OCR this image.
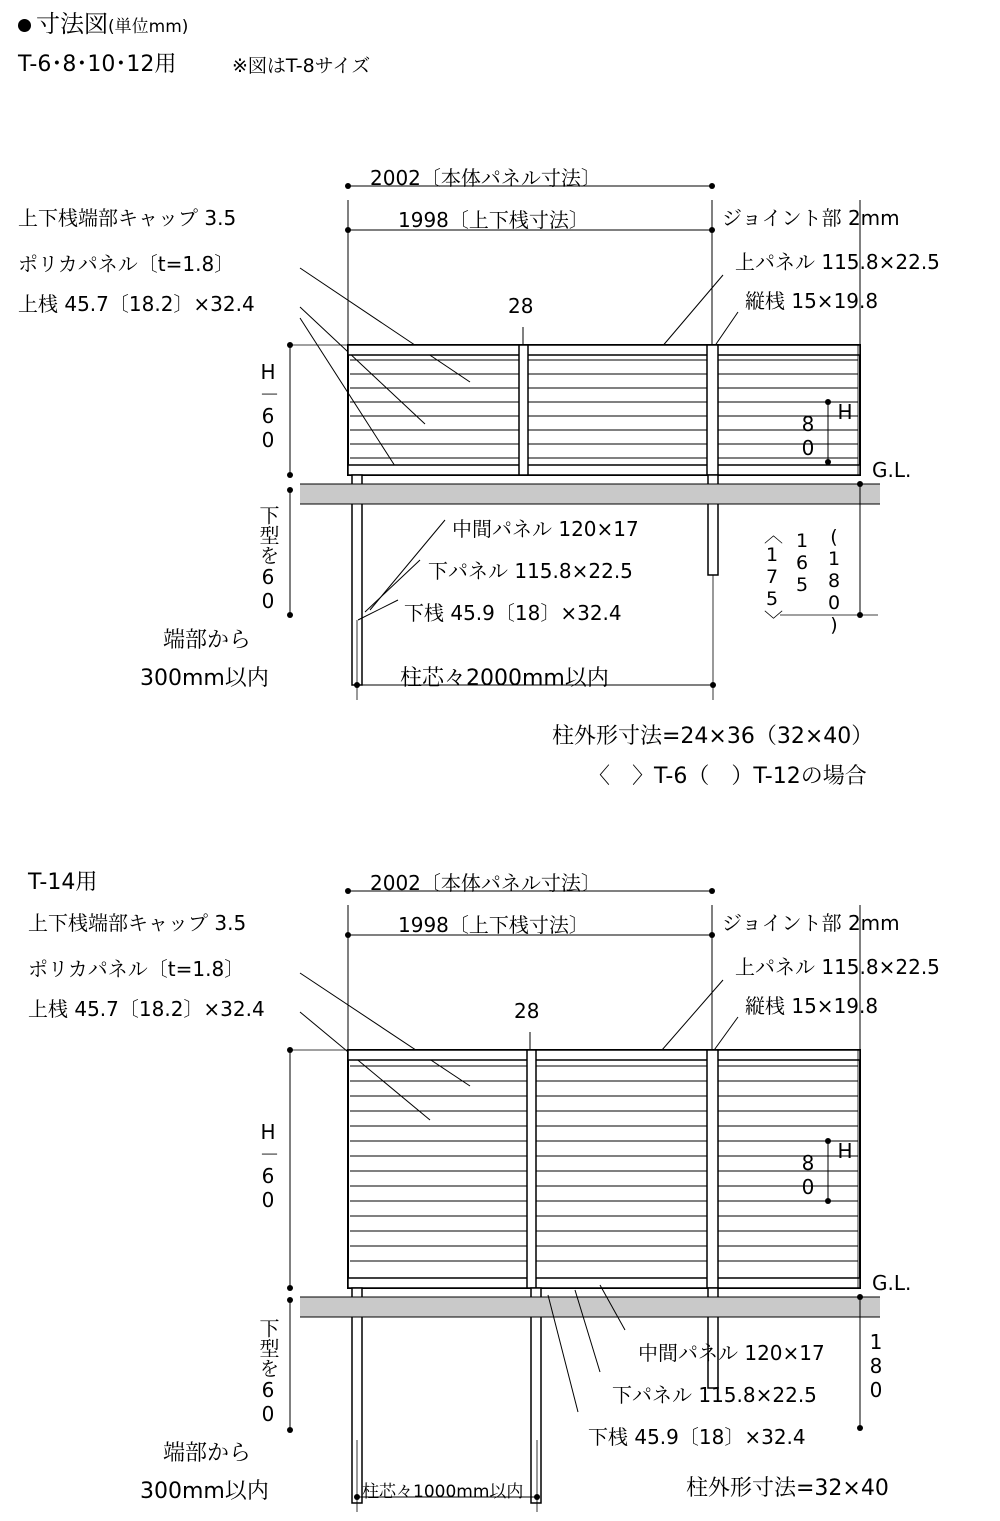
寸法図(単位mm)
T-6･8･10･12用	※図はT-8サイズ
2002〔本体パネル寸法〕
1998〔上下桟寸法〕
上下桟端部キャップ 3.5	ジョイント部 2mm
ポリカパネル〔t=1.8〕
上桟 45.7〔18.2〕×32.4
上パネル 115.8×22.5
縦桟 15×19.8
28
H－60	80 H
G.L.
下型を60	中間パネル 120×17
下パネル 115.8×22.5
下桟 45.9〔18〕×32.4	〈175〉 165 (180)
端部から
300mm以内	柱芯々2000mm以内
柱外形寸法=24×36（32×40）
〈　〉T-6（　）T-12の場合
T-14用	2002〔本体パネル寸法〕
1998〔上下桟寸法〕
上下桟端部キャップ 3.5	ジョイント部 2mm
ポリカパネル〔t=1.8〕
上桟 45.7〔18.2〕×32.4
上パネル 115.8×22.5
縦桟 15×19.8
28
H－60	80 H
G.L.
下型を60	中間パネル 120×17
下パネル 115.8×22.5
下桟 45.9〔18〕×32.4
180
端部から
300mm以内	柱芯々1000mm以内	柱外形寸法=32×40
